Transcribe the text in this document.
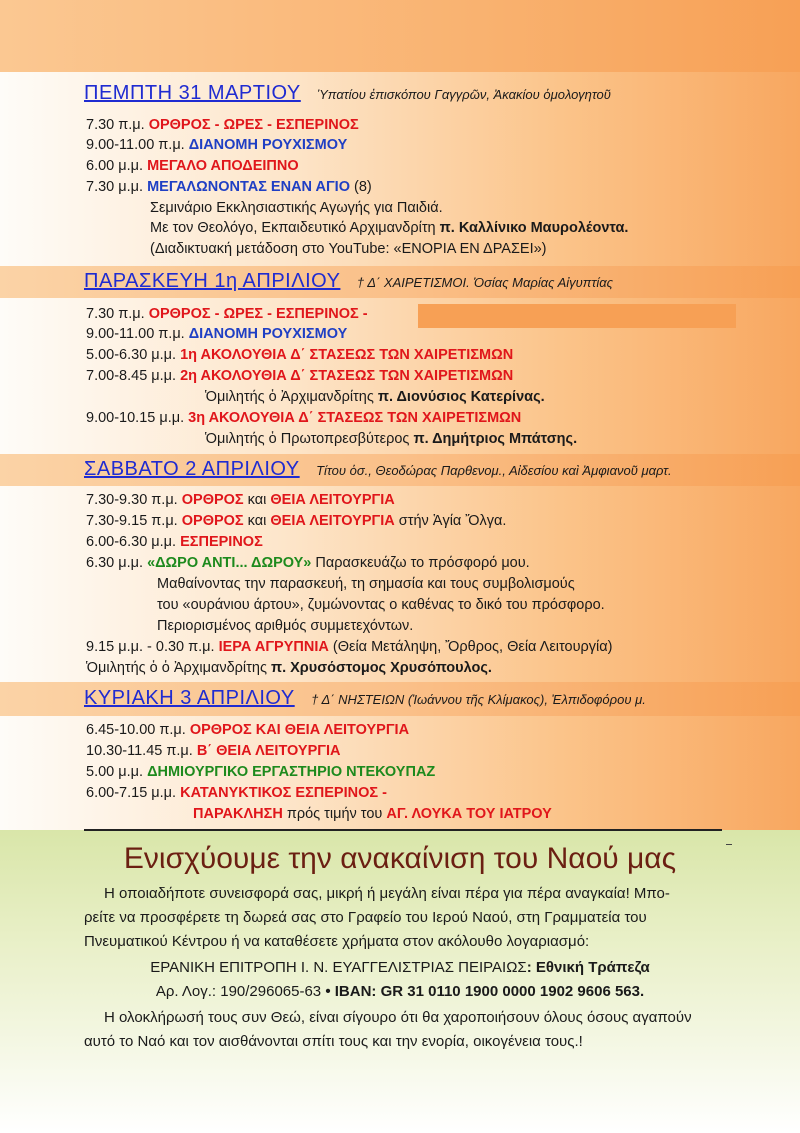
ΠΕΜΠΤΗ 31 ΜΑΡΤΙΟΥ Ὑπατίου ἐπισκόπου Γαγγρῶν, Ἀκακίου ὁμολογητοῦ
7.30 π.μ. ΟΡΘΡΟΣ - ΩΡΕΣ - ΕΣΠΕΡΙΝΟΣ
9.00-11.00 π.μ. ΔΙΑΝΟΜΗ ΡΟΥΧΙΣΜΟΥ
6.00 μ.μ. ΜΕΓΑΛΟ ΑΠΟΔΕΙΠΝΟ
7.30 μ.μ. ΜΕΓΑΛΩΝΟΝΤΑΣ ΕΝΑΝ ΑΓΙΟ (8)
Σεμινάριο Εκκλησιαστικής Αγωγής για Παιδιά.
Με τον Θεολόγο, Εκπαιδευτικό Αρχιμανδρίτη π. Καλλίνικο Μαυρολέοντα.
(Διαδικτυακή μετάδοση στο YouTube: «ΕΝΟΡΙΑ ΕΝ ΔΡΑΣΕΙ»)
ΠΑΡΑΣΚΕΥΗ 1η ΑΠΡΙΛΙΟΥ † Δ΄ ΧΑΙΡΕΤΙΣΜΟΙ. Ὁσίας Μαρίας Αἰγυπτίας
7.30 π.μ. ΟΡΘΡΟΣ - ΩΡΕΣ - ΕΣΠΕΡΙΝΟΣ -
9.00-11.00 π.μ. ΔΙΑΝΟΜΗ ΡΟΥΧΙΣΜΟΥ
5.00-6.30 μ.μ. 1η ΑΚΟΛΟΥΘΙΑ Δ΄ ΣΤΑΣΕΩΣ ΤΩΝ ΧΑΙΡΕΤΙΣΜΩΝ
7.00-8.45 μ.μ. 2η ΑΚΟΛΟΥΘΙΑ Δ΄ ΣΤΑΣΕΩΣ ΤΩΝ ΧΑΙΡΕΤΙΣΜΩΝ
Ὁμιλητής ὁ Ἀρχιμανδρίτης π. Διονύσιος Κατερίνας.
9.00-10.15 μ.μ. 3η ΑΚΟΛΟΥΘΙΑ Δ΄ ΣΤΑΣΕΩΣ ΤΩΝ ΧΑΙΡΕΤΙΣΜΩΝ
Ὁμιλητής ὁ Πρωτοπρεσβύτερος π. Δημήτριος Μπάτσης.
ΣΑΒΒΑΤΟ 2 ΑΠΡΙΛΙΟΥ Τίτου ὁσ., Θεοδώρας Παρθενομ., Αἰδεσίου καὶ Ἀμφιανοῦ μαρτ.
7.30-9.30 π.μ. ΟΡΘΡΟΣ και ΘΕΙΑ ΛΕΙΤΟΥΡΓΙΑ
7.30-9.15 π.μ. ΟΡΘΡΟΣ και ΘΕΙΑ ΛΕΙΤΟΥΡΓΙΑ στήν Ἁγία Ὄλγα.
6.00-6.30 μ.μ. ΕΣΠΕΡΙΝΟΣ
6.30 μ.μ. «ΔΩΡΟ ΑΝΤΙ... ΔΩΡΟΥ» Παρασκευάζω το πρόσφορό μου.
Μαθαίνοντας την παρασκευή, τη σημασία και τους συμβολισμούς
του «ουράνιου άρτου», ζυμώνοντας ο καθένας το δικό του πρόσφορο.
Περιορισμένος αριθμός συμμετεχόντων.
9.15 μ.μ. - 0.30 π.μ. ΙΕΡΑ ΑΓΡΥΠΝΙΑ (Θεία Μετάληψη, Ὄρθρος, Θεία Λειτουργία)
Ὁμιλητής ὁ ὁ Ἀρχιμανδρίτης π. Χρυσόστομος Χρυσόπουλος.
ΚΥΡΙΑΚΗ 3 ΑΠΡΙΛΙΟΥ † Δ΄ ΝΗΣΤΕΙΩΝ (Ἰωάννου τῆς Κλίμακος), Ἐλπιδοφόρου μ.
6.45-10.00 π.μ. ΟΡΘΡΟΣ ΚΑΙ ΘΕΙΑ ΛΕΙΤΟΥΡΓΙΑ
10.30-11.45 π.μ. Β΄ ΘΕΙΑ ΛΕΙΤΟΥΡΓΙΑ
5.00 μ.μ. ΔΗΜΙΟΥΡΓΙΚΟ ΕΡΓΑΣΤΗΡΙΟ ΝΤΕΚΟΥΠΑΖ
6.00-7.15 μ.μ. ΚΑΤΑΝΥΚΤΙΚΟΣ ΕΣΠΕΡΙΝΟΣ -
ΠΑΡΑΚΛΗΣΗ πρός τιμήν του ΑΓ. ΛΟΥΚΑ ΤΟΥ ΙΑΤΡΟΥ
Ενισχύουμε την ανακαίνιση του Ναού μας
Η οποιαδήποτε συνεισφορά σας, μικρή ή μεγάλη είναι πέρα για πέρα αναγκαία! Μπο-
ρείτε να προσφέρετε τη δωρεά σας στο Γραφείο του Ιερού Ναού, στη Γραμματεία του
Πνευματικού Κέντρου ή να καταθέσετε χρήματα στον ακόλουθο λογαριασμό:
ΕΡΑΝΙΚΗ ΕΠΙΤΡΟΠΗ Ι. Ν. ΕΥΑΓΓΕΛΙΣΤΡΙΑΣ ΠΕΙΡΑΙΩΣ: Εθνική Τράπεζα
Αρ. Λογ.: 190/296065-63 • IBAN: GR 31 0110 1900 0000 1902 9606 563.
Η ολοκλήρωσή τους συν Θεώ, είναι σίγουρο ότι θα χαροποιήσουν όλους όσους αγαπούν
αυτό το Ναό και τον αισθάνονται σπίτι τους και την ενορία, οικογένεια τους.!
